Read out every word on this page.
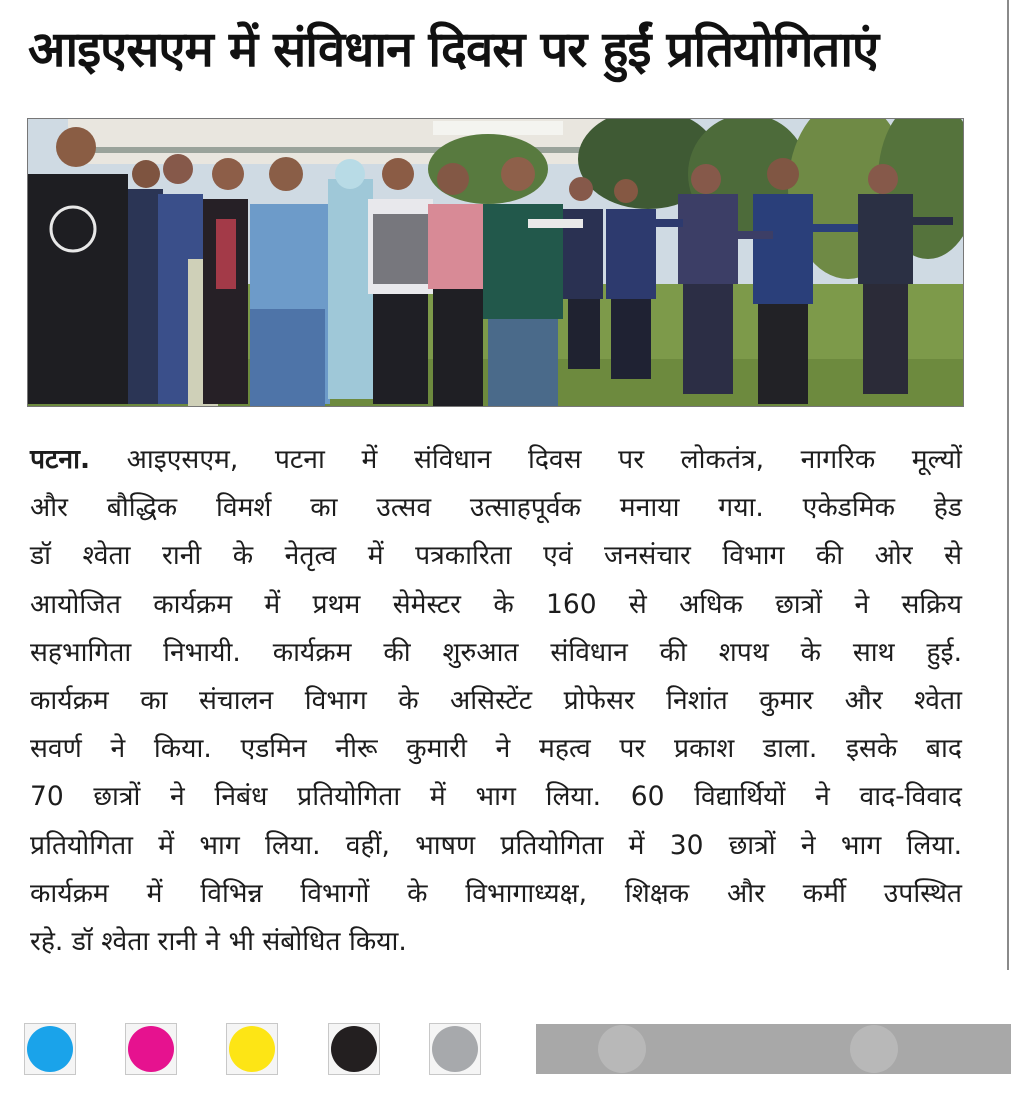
आइएसएम में संविधान दिवस पर हुईं प्रतियोगिताएं
पटना. आइएसएम, पटना में संविधान दिवस पर लोकतंत्र, नागरिक मूल्यों
और बौद्धिक विमर्श का उत्सव उत्साहपूर्वक मनाया गया. एकेडमिक हेड
डॉ श्वेता रानी के नेतृत्व में पत्रकारिता एवं जनसंचार विभाग की ओर से
आयोजित कार्यक्रम में प्रथम सेमेस्टर के 160 से अधिक छात्रों ने सक्रिय
सहभागिता निभायी. कार्यक्रम की शुरुआत संविधान की शपथ के साथ हुई.
कार्यक्रम का संचालन विभाग के असिस्टेंट प्रोफेसर निशांत कुमार और श्वेता
सवर्ण ने किया. एडमिन नीरू कुमारी ने महत्व पर प्रकाश डाला. इसके बाद
70 छात्रों ने निबंध प्रतियोगिता में भाग लिया. 60 विद्यार्थियों ने वाद-विवाद
प्रतियोगिता में भाग लिया. वहीं, भाषण प्रतियोगिता में 30 छात्रों ने भाग लिया.
कार्यक्रम में विभिन्न विभागों के विभागाध्यक्ष, शिक्षक और कर्मी उपस्थित
रहे. डॉ श्वेता रानी ने भी संबोधित किया.
